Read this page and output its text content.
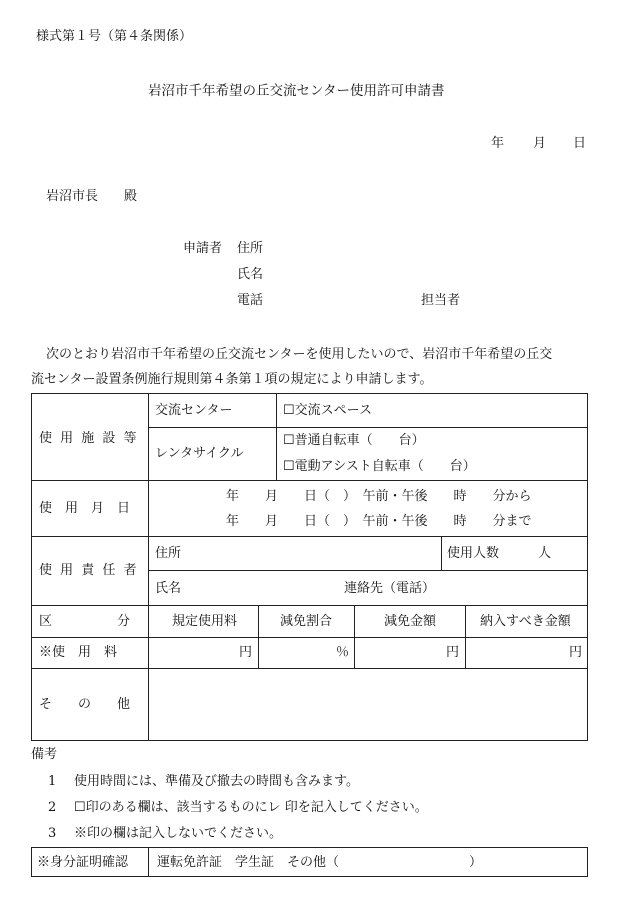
様式第１号（第４条関係）
岩沼市千年希望の丘交流センター使用許可申請書
年 月 日
岩沼市長　　殿
申請者 住所
氏名
電話	担当者
次のとおり岩沼市千年希望の丘交流センターを使用したいので、岩沼市千年希望の丘交
流センター設置条例施行規則第４条第１項の規定により申請します。
使 用 施 設 等
交流センター	☐交流スペース
レンタサイクル
☐普通自転車（　　台）
☐電動アシスト自転車（　　台）
使　用　月　日
年　　月　　日（　）　午前・午後　　時　　分から
年　　月　　日（　）　午前・午後　　時　　分まで
使 用 責 任 者
住所	使用人数　　　人
氏名	連絡先（電話）
区　　　　　分	規定使用料	減免割合	減免金額	納入すべき金額
※使　用　料	円	％	円	円
そ　　の　　他
備考
1 使用時間には、準備及び撤去の時間も含みます。
2 ☐印のある欄は、該当するものにレ 印を記入してください。
3 ※印の欄は記入しないでください。
※身分証明確認 運転免許証　学生証　その他（　　　　　　　　　　）
